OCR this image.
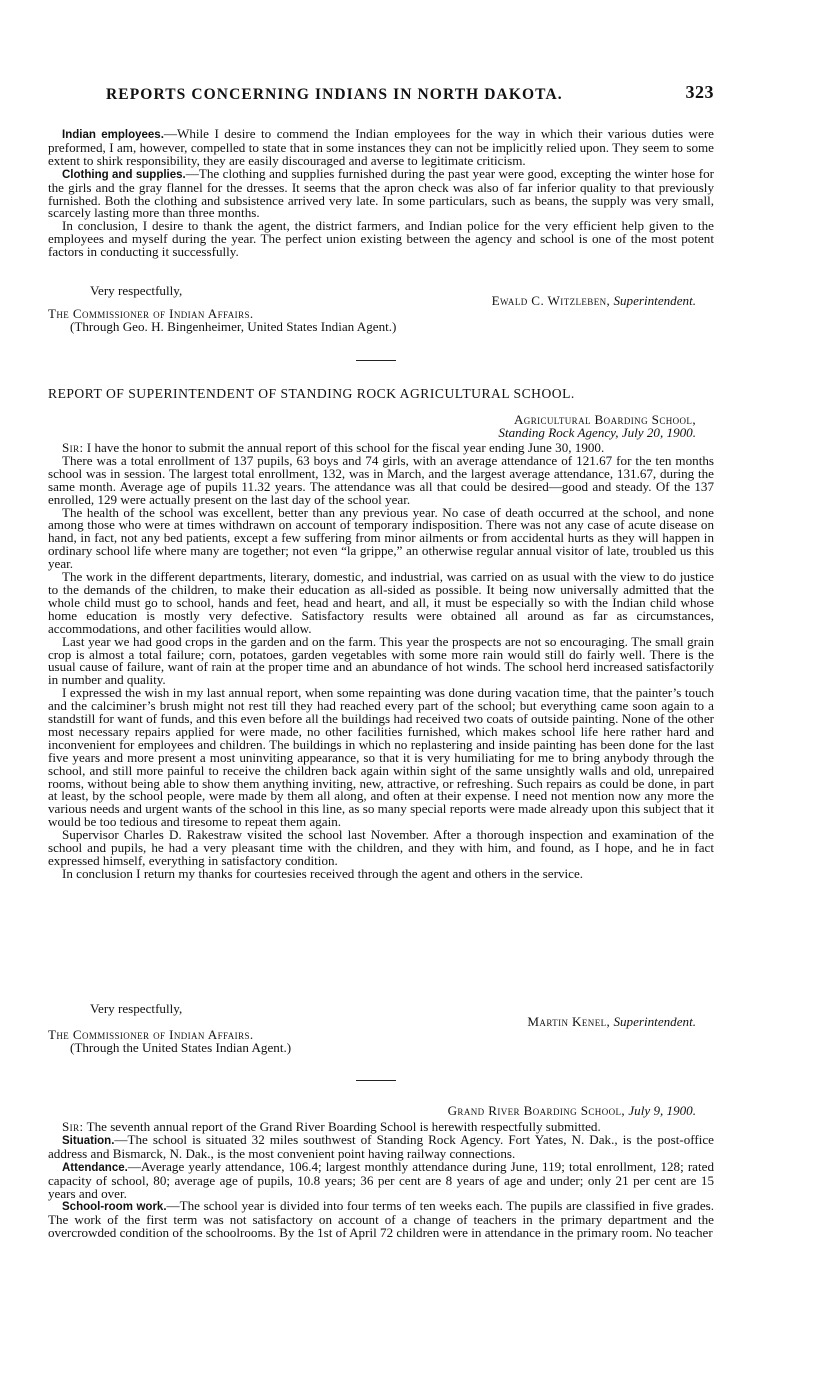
REPORTS CONCERNING INDIANS IN NORTH DAKOTA.	323

Indian employees.—While I desire to commend the Indian employees for the way in which their various duties were preformed, I am, however, compelled to state that in some instances they can not be implicitly relied upon. They seem to some extent to shirk responsibility, they are easily discouraged and averse to legitimate criticism.

Clothing and supplies.—The clothing and supplies furnished during the past year were good, excepting the winter hose for the girls and the gray flannel for the dresses. It seems that the apron check was also of far inferior quality to that previously furnished. Both the clothing and subsistence arrived very late. In some particulars, such as beans, the supply was very small, scarcely lasting more than three months.

In conclusion, I desire to thank the agent, the district farmers, and Indian police for the very efficient help given to the employees and myself during the year. The perfect union existing between the agency and school is one of the most potent factors in conducting it successfully.

Very respectfully,
Ewald C. Witzleben, Superintendent.
The Commissioner of Indian Affairs.
(Through Geo. H. Bingenheimer, United States Indian Agent.)
REPORT OF SUPERINTENDENT OF STANDING ROCK AGRICULTURAL SCHOOL.
Agricultural Boarding School,
Standing Rock Agency, July 20, 1900.

Sir: I have the honor to submit the annual report of this school for the fiscal year ending June 30, 1900.

There was a total enrollment of 137 pupils, 63 boys and 74 girls, with an average attendance of 121.67 for the ten months school was in session. The largest total enrollment, 132, was in March, and the largest average attendance, 131.67, during the same month. Average age of pupils 11.32 years. The attendance was all that could be desired—good and steady. Of the 137 enrolled, 129 were actually present on the last day of the school year.

The health of the school was excellent, better than any previous year. No case of death occurred at the school, and none among those who were at times withdrawn on account of temporary indisposition. There was not any case of acute disease on hand, in fact, not any bed patients, except a few suffering from minor ailments or from accidental hurts as they will happen in ordinary school life where many are together; not even “la grippe,” an otherwise regular annual visitor of late, troubled us this year.

The work in the different departments, literary, domestic, and industrial, was carried on as usual with the view to do justice to the demands of the children, to make their education as all-sided as possible. It being now universally admitted that the whole child must go to school, hands and feet, head and heart, and all, it must be especially so with the Indian child whose home education is mostly very defective. Satisfactory results were obtained all around as far as circumstances, accommodations, and other facilities would allow.

Last year we had good crops in the garden and on the farm. This year the prospects are not so encouraging. The small grain crop is almost a total failure; corn, potatoes, garden vegetables with some more rain would still do fairly well. There is the usual cause of failure, want of rain at the proper time and an abundance of hot winds. The school herd increased satisfactorily in number and quality.

I expressed the wish in my last annual report, when some repainting was done during vacation time, that the painter’s touch and the calciminer’s brush might not rest till they had reached every part of the school; but everything came soon again to a standstill for want of funds, and this even before all the buildings had received two coats of outside painting. None of the other most necessary repairs applied for were made, no other facilities furnished, which makes school life here rather hard and inconvenient for employees and children. The buildings in which no replastering and inside painting has been done for the last five years and more present a most uninviting appearance, so that it is very humiliating for me to bring anybody through the school, and still more painful to receive the children back again within sight of the same unsightly walls and old, unrepaired rooms, without being able to show them anything inviting, new, attractive, or refreshing. Such repairs as could be done, in part at least, by the school people, were made by them all along, and often at their expense. I need not mention now any more the various needs and urgent wants of the school in this line, as so many special reports were made already upon this subject that it would be too tedious and tiresome to repeat them again.

Supervisor Charles D. Rakestraw visited the school last November. After a thorough inspection and examination of the school and pupils, he had a very pleasant time with the children, and they with him, and found, as I hope, and he in fact expressed himself, everything in satisfactory condition.

In conclusion I return my thanks for courtesies received through the agent and others in the service.

Very respectfully,
Martin Kenel, Superintendent.
The Commissioner of Indian Affairs.
(Through the United States Indian Agent.)
Grand River Boarding School, July 9, 1900.

Sir: The seventh annual report of the Grand River Boarding School is herewith respectfully submitted.

Situation.—The school is situated 32 miles southwest of Standing Rock Agency. Fort Yates, N. Dak., is the post-office address and Bismarck, N. Dak., is the most convenient point having railway connections.

Attendance.—Average yearly attendance, 106.4; largest monthly attendance during June, 119; total enrollment, 128; rated capacity of school, 80; average age of pupils, 10.8 years; 36 per cent are 8 years of age and under; only 21 per cent are 15 years and over.

School-room work.—The school year is divided into four terms of ten weeks each. The pupils are classified in five grades. The work of the first term was not satisfactory on account of a change of teachers in the primary department and the overcrowded condition of the schoolrooms. By the 1st of April 72 children were in attendance in the primary room. No teacher
